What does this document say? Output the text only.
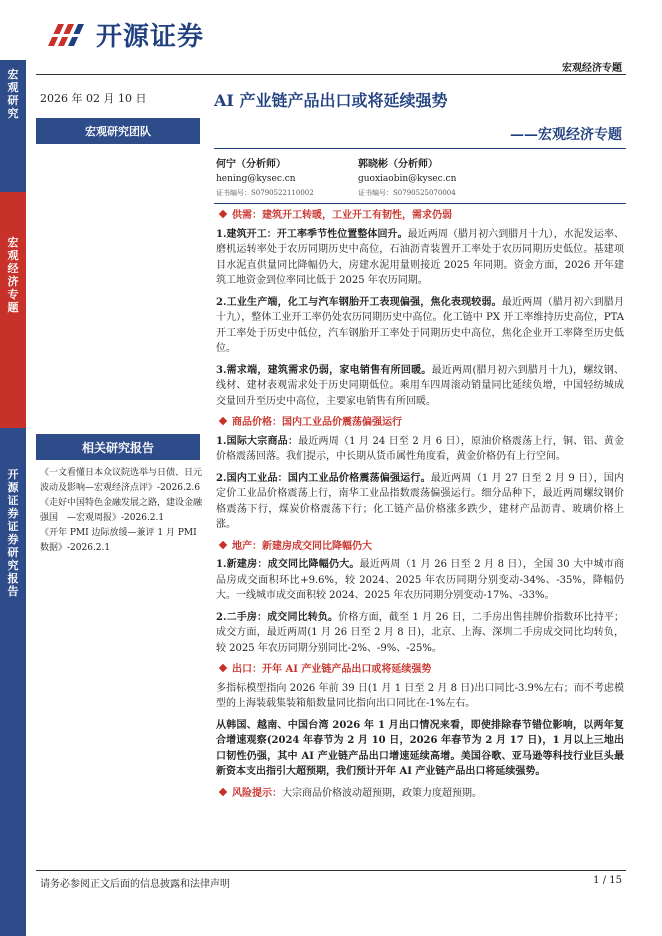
宏观研究
宏观经济专题
开源证券 证券研究报告
开源证券
宏观经济专题
2026 年 02 月 10 日	AI 产业链产品出口或将延续强势
——宏观经济专题
宏观研究团队
何宁（分析师）
hening@kysec.cn
证书编号：S0790522110002
郭晓彬（分析师）
guoxiaobin@kysec.cn
证书编号：S0790525070004
相关研究报告
《一文看懂日本众议院选举与日债、日元波动及影响—宏观经济点评》-2026.2.6
《走好中国特色金融发展之路，建设金融强国　—宏观周报》-2026.2.1
《开年 PMI 边际放缓—兼评 1 月 PMI 数据》-2026.2.1
供需：建筑开工转暖，工业开工有韧性，需求仍弱

1.建筑开工：开工率季节性位置整体回升。最近两周（腊月初六到腊月十九），水泥发运率、磨机运转率处于农历同期历史中高位，石油沥青装置开工率处于农历同期历史低位。基建项目水泥直供量同比降幅仍大，房建水泥用量则接近 2025 年同期。资金方面，2026 开年建筑工地资金到位率同比低于 2025 年农历同期。

2.工业生产端，化工与汽车钢胎开工表现偏强，焦化表现较弱。最近两周（腊月初六到腊月十九），整体工业开工率仍处农历同期历史中高位。化工链中 PX 开工率维持历史高位，PTA 开工率处于历史中低位，汽车钢胎开工率处于同期历史中高位，焦化企业开工率降至历史低位。

3.需求端，建筑需求仍弱，家电销售有所回暖。最近两周(腊月初六到腊月十九)，螺纹钢、线材、建材表观需求处于历史同期低位。乘用车四周滚动销量同比延续负增，中国轻纺城成交量回升至历史中高位，主要家电销售有所回暖。

商品价格：国内工业品价震荡偏强运行

1.国际大宗商品：最近两周（1 月 24 日至 2 月 6 日），原油价格震荡上行，铜、铝、黄金价格震荡回落。我们提示，中长期从货币属性角度看，黄金价格仍有上行空间。

2.国内工业品：国内工业品价格震荡偏强运行。最近两周（1 月 27 日至 2 月 9 日），国内定价工业品价格震荡上行，南华工业品指数震荡偏强运行。细分品种下，最近两周螺纹钢价格震荡下行，煤炭价格震荡下行；化工链产品价格涨多跌少，建材产品沥青、玻璃价格上涨。

地产：新建房成交同比降幅仍大

1.新建房：成交同比降幅仍大。最近两周（1 月 26 日至 2 月 8 日），全国 30 大中城市商品房成交面积环比+9.6%，较 2024、2025 年农历同期分别变动-34%、-35%，降幅仍大。一线城市成交面积较 2024、2025 年农历同期分别变动-17%、-33%。

2.二手房：成交同比转负。价格方面，截至 1 月 26 日，二手房出售挂牌价指数环比持平；成交方面，最近两周(1 月 26 日至 2 月 8 日)，北京、上海、深圳二手房成交同比均转负，较 2025 年农历同期分别同比-2%、-9%、-25%。

出口：开年 AI 产业链产品出口或将延续强势

多指标模型指向 2026 年前 39 日(1 月 1 日至 2 月 8 日)出口同比-3.9%左右；而不考虑模型的上海装载集装箱船数量同比指向出口同比在-1%左右。

从韩国、越南、中国台湾 2026 年 1 月出口情况来看，即使排除春节错位影响，以两年复合增速观察(2024 年春节为 2 月 10 日，2026 年春节为 2 月 17 日)，1 月以上三地出口韧性仍强，其中 AI 产业链产品出口增速延续高增。美国谷歌、亚马逊等科技行业巨头最新资本支出指引大超预期，我们预计开年 AI 产业链产品出口将延续强势。

风险提示：大宗商品价格波动超预期，政策力度超预期。

请务必参阅正文后面的信息披露和法律声明	1 / 15
